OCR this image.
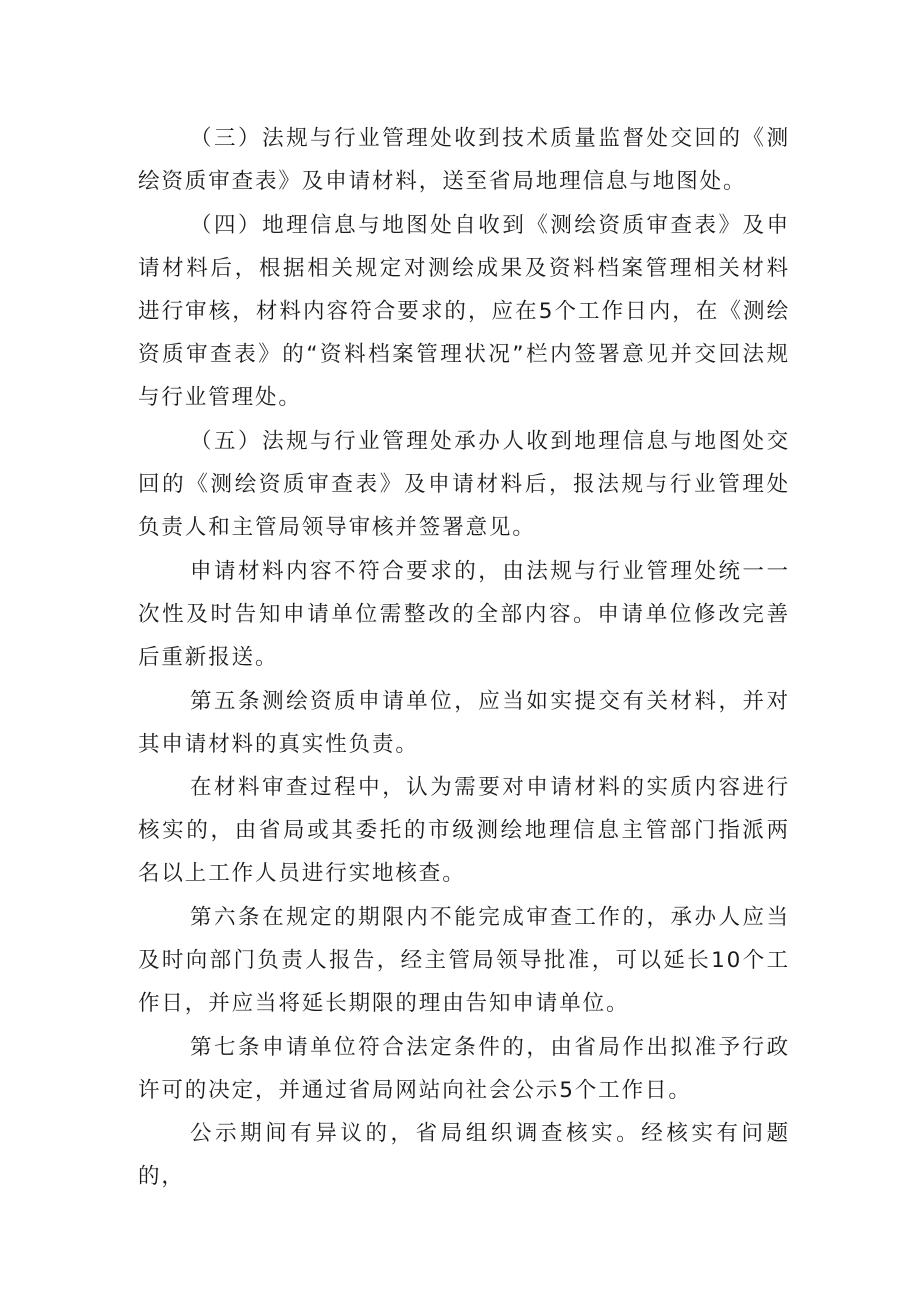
（三）法规与行业管理处收到技术质量监督处交回的《测绘资质审查表》及申请材料，送至省局地理信息与地图处。

（四）地理信息与地图处自收到《测绘资质审查表》及申请材料后，根据相关规定对测绘成果及资料档案管理相关材料进行审核，材料内容符合要求的，应在5个工作日内，在《测绘资质审查表》的“资料档案管理状况”栏内签署意见并交回法规与行业管理处。

（五）法规与行业管理处承办人收到地理信息与地图处交回的《测绘资质审查表》及申请材料后，报法规与行业管理处负责人和主管局领导审核并签署意见。

申请材料内容不符合要求的，由法规与行业管理处统一一次性及时告知申请单位需整改的全部内容。申请单位修改完善后重新报送。

第五条测绘资质申请单位，应当如实提交有关材料，并对其申请材料的真实性负责。

在材料审查过程中，认为需要对申请材料的实质内容进行核实的，由省局或其委托的市级测绘地理信息主管部门指派两名以上工作人员进行实地核查。

第六条在规定的期限内不能完成审查工作的，承办人应当及时向部门负责人报告，经主管局领导批准，可以延长10个工作日，并应当将延长期限的理由告知申请单位。

第七条申请单位符合法定条件的，由省局作出拟准予行政许可的决定，并通过省局网站向社会公示5个工作日。

公示期间有异议的，省局组织调查核实。经核实有问题的，
